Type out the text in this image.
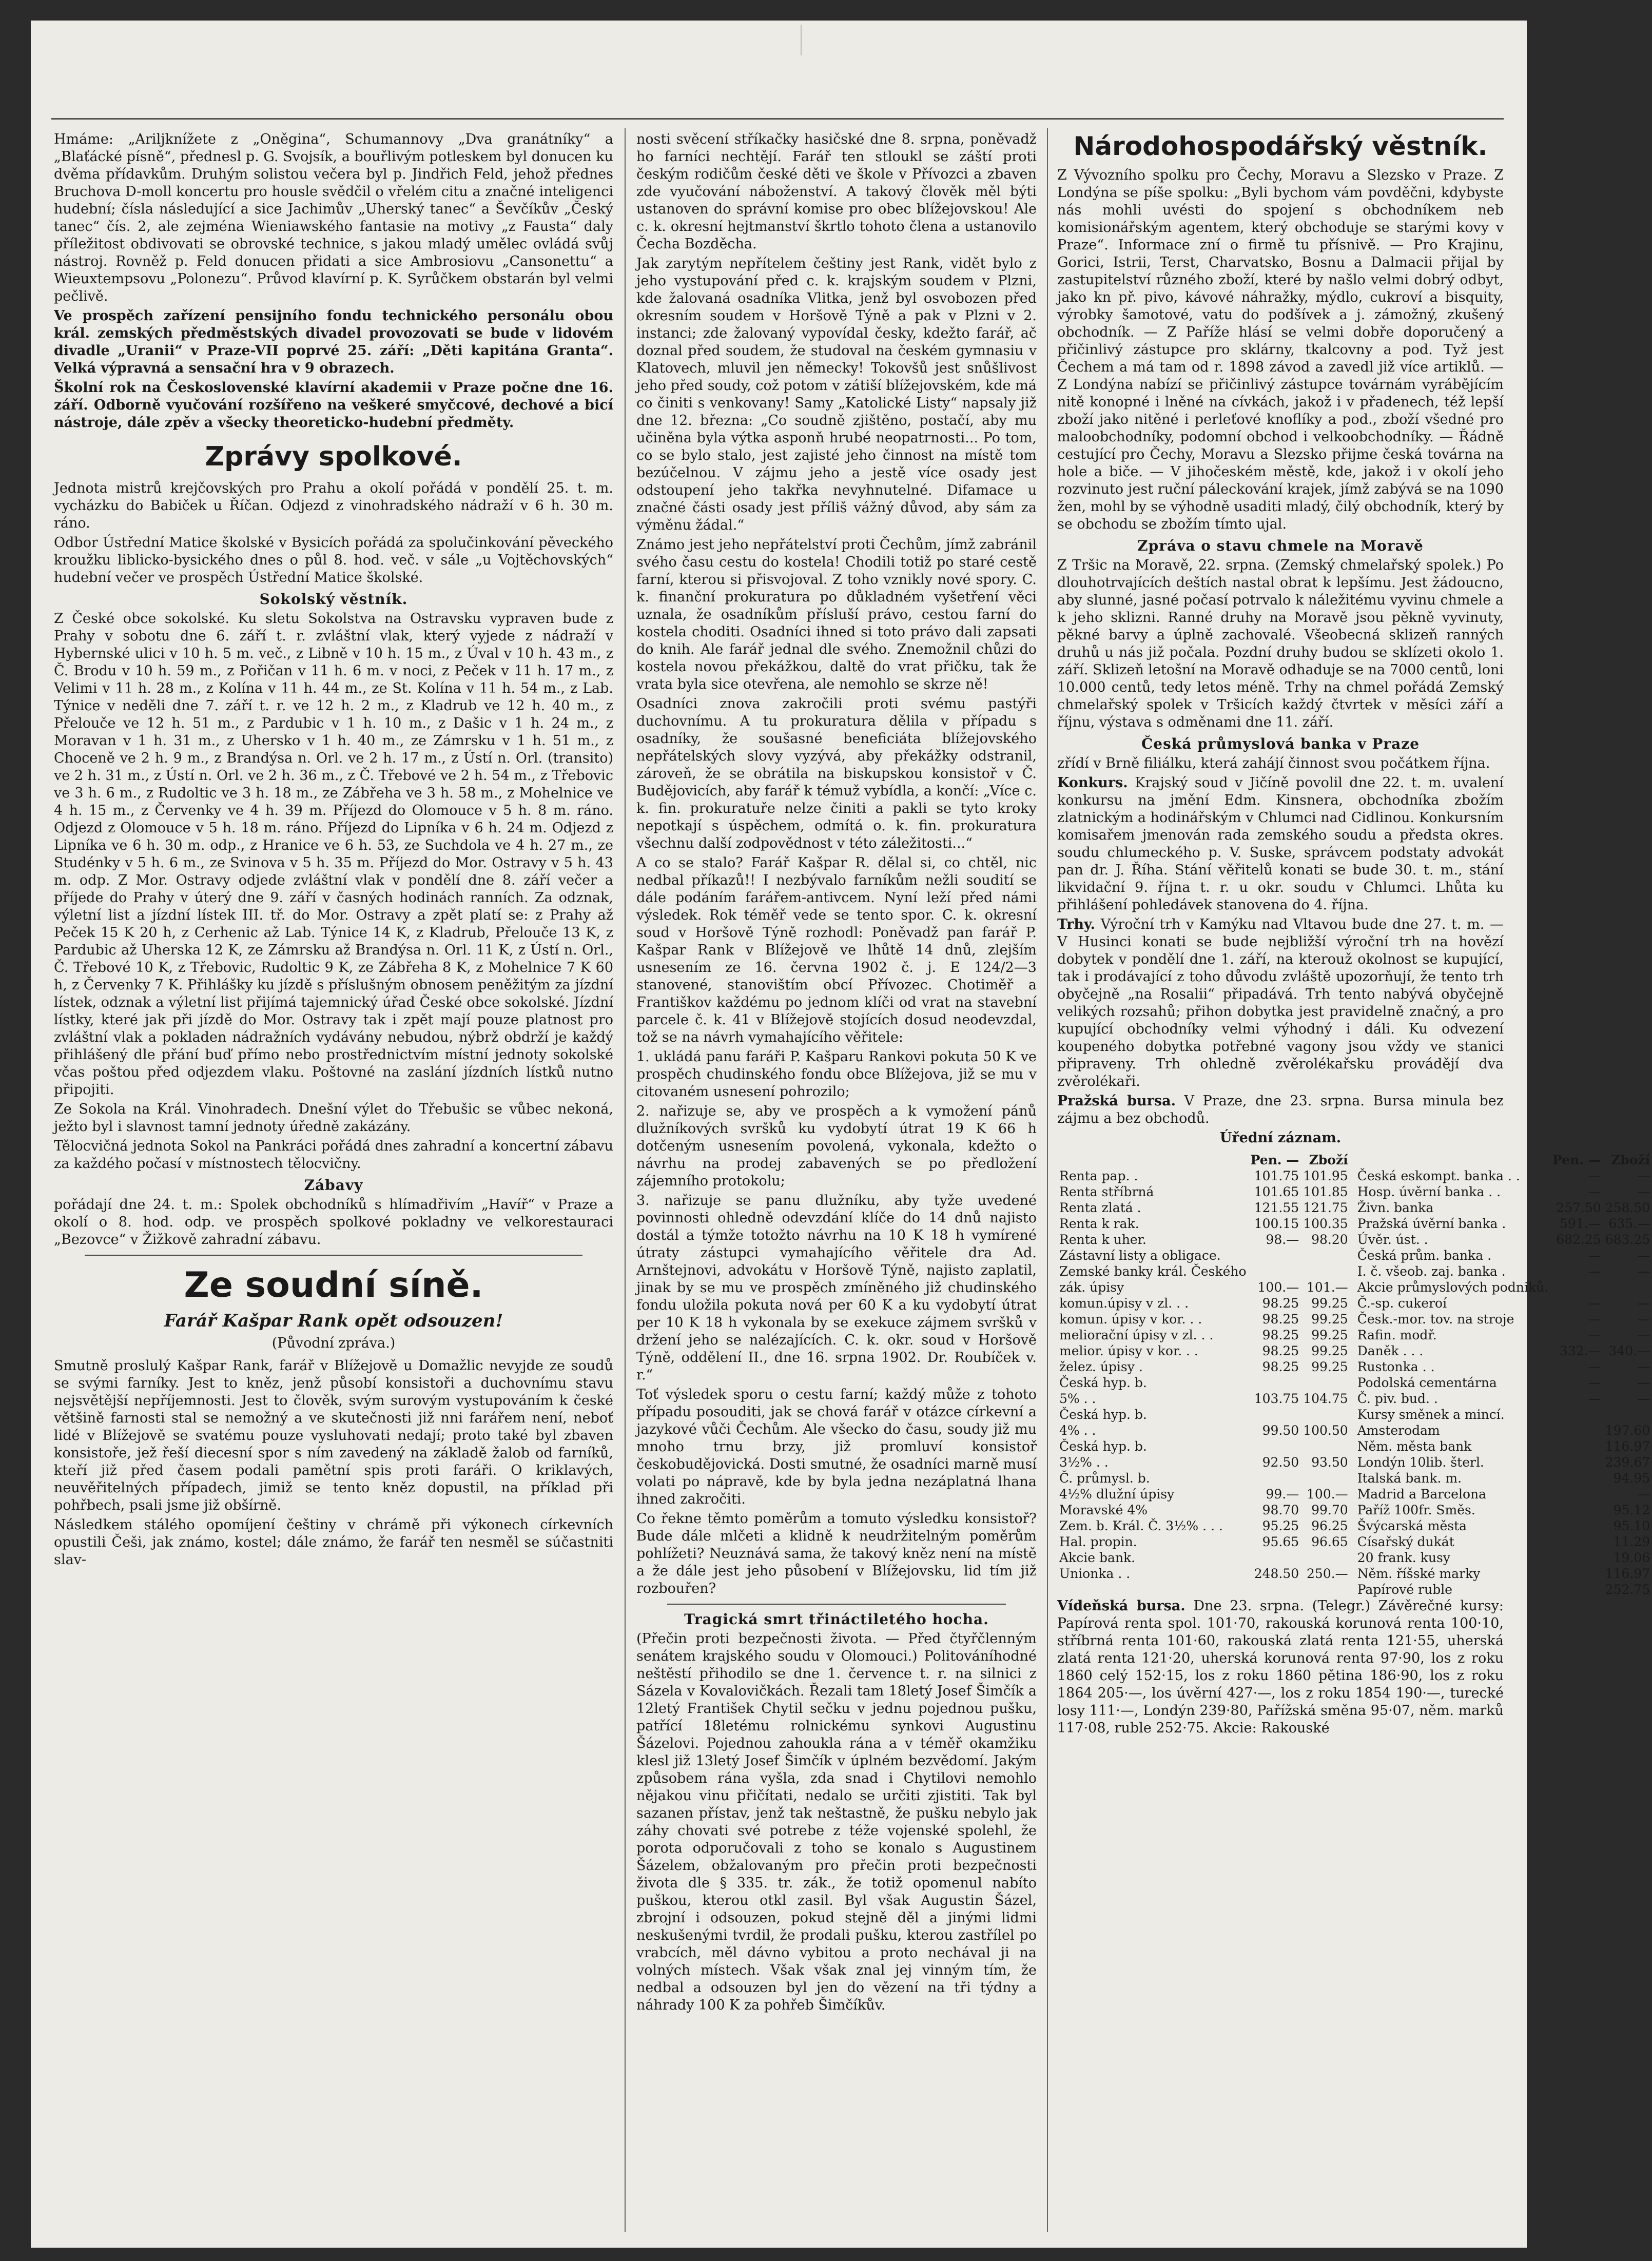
Hmáme: „Ariljknížete z „Oněgina“, Schumannovy „Dva granátníky“ a „Blaťácké písně“, přednesl p. G. Svojsík, a bouřlivým potleskem byl donucen ku dvěma přídavkům. Druhým solistou večera byl p. Jindřich Feld, jehož přednes Bruchova D-moll koncertu pro housle svědčil o vřelém citu a značné inteligenci hudební; čísla následující a sice Jachimův „Uherský tanec“ a Ševčíkův „Český tanec“ čís. 2, ale zejména Wieniawského fantasie na motivy „z Fausta“ daly příležitost obdivovati se obrovské technice, s jakou mladý umělec ovládá svůj nástroj. Rovněž p. Feld donucen přidati a sice Ambrosiovu „Cansonettu“ a Wieuxtempsovu „Polonezu“. Průvod klavírní p. K. Syrůčkem obstarán byl velmi pečlivě.

Ve prospěch zařízení pensijního fondu technického personálu obou král. zemských předměstských divadel provozovati se bude v lidovém divadle „Uranii“ v Praze-VII poprvé 25. září: „Děti kapitána Granta“. Velká výpravná a sensační hra v 9 obrazech.

Školní rok na Československé klavírní akademii v Praze počne dne 16. září. Odborně vyučování rozšířeno na veškeré smyčcové, dechové a bicí nástroje, dále zpěv a všecky theoreticko-hudební předměty.

Zprávy spolkové.

Jednota mistrů krejčovských pro Prahu a okolí pořádá v pondělí 25. t. m. vycházku do Babiček u Říčan. Odjezd z vinohradského nádraží v 6 h. 30 m. ráno.

Odbor Ústřední Matice školské v Bysicích pořádá za spolučinkování pěveckého kroužku liblicko-bysického dnes o půl 8. hod. več. v sále „u Vojtěchovských“ hudební večer ve prospěch Ústřední Matice školské.

Sokolský věstník.

Z České obce sokolské. Ku sletu Sokolstva na Ostravsku vypraven bude z Prahy v sobotu dne 6. září t. r. zvláštní vlak, který vyjede z nádraží v Hybernské ulici v 10 h. 5 m. več., z Libně v 10 h. 15 m., z Úval v 10 h. 43 m., z Č. Brodu v 10 h. 59 m., z Pořičan v 11 h. 6 m. v noci, z Peček v 11 h. 17 m., z Velimi v 11 h. 28 m., z Kolína v 11 h. 44 m., ze St. Kolína v 11 h. 54 m., z Lab. Týnice v neděli dne 7. září t. r. ve 12 h. 2 m., z Kladrub ve 12 h. 40 m., z Přelouče ve 12 h. 51 m., z Pardubic v 1 h. 10 m., z Dašic v 1 h. 24 m., z Moravan v 1 h. 31 m., z Uhersko v 1 h. 40 m., ze Zámrsku v 1 h. 51 m., z Choceně ve 2 h. 9 m., z Brandýsa n. Orl. ve 2 h. 17 m., z Ústí n. Orl. (transito) ve 2 h. 31 m., z Ústí n. Orl. ve 2 h. 36 m., z Č. Třebové ve 2 h. 54 m., z Třebovic ve 3 h. 6 m., z Rudoltic ve 3 h. 18 m., ze Zábřeha ve 3 h. 58 m., z Mohelnice ve 4 h. 15 m., z Červenky ve 4 h. 39 m. Příjezd do Olomouce v 5 h. 8 m. ráno. Odjezd z Olomouce v 5 h. 18 m. ráno. Příjezd do Lipníka v 6 h. 24 m. Odjezd z Lipníka ve 6 h. 30 m. odp., z Hranice ve 6 h. 53, ze Suchdola ve 4 h. 27 m., ze Studénky v 5 h. 6 m., ze Svinova v 5 h. 35 m. Příjezd do Mor. Ostravy v 5 h. 43 m. odp. Z Mor. Ostravy odjede zvláštní vlak v pondělí dne 8. září večer a příjede do Prahy v úterý dne 9. září v časných hodinách ranních. Za odznak, výletní list a jízdní lístek III. tř. do Mor. Ostravy a zpět platí se: z Prahy až Peček 15 K 20 h, z Cerhenic až Lab. Týnice 14 K, z Kladrub, Přelouče 13 K, z Pardubic až Uherska 12 K, ze Zámrsku až Brandýsa n. Orl. 11 K, z Ústí n. Orl., Č. Třebové 10 K, z Třebovic, Rudoltic 9 K, ze Zábřeha 8 K, z Mohelnice 7 K 60 h, z Červenky 7 K. Přihlášky ku jízdě s příslušným obnosem peněžitým za jízdní lístek, odznak a výletní list přijímá tajemnický úřad České obce sokolské. Jízdní lístky, které jak při jízdě do Mor. Ostravy tak i zpět mají pouze platnost pro zvláštní vlak a pokladen nádražních vydávány nebudou, nýbrž obdrží je každý přihlášený dle přání buď přímo nebo prostřednictvím místní jednoty sokolské včas poštou před odjezdem vlaku. Poštovné na zaslání jízdních lístků nutno připojiti.

Ze Sokola na Král. Vinohradech. Dnešní výlet do Třebušic se vůbec nekoná, ježto byl i slavnost tamní jednoty úředně zakázány.

Tělocvičná jednota Sokol na Pankráci pořádá dnes zahradní a koncertní zábavu za každého počasí v místnostech tělocvičny.

Zábavy

pořádají dne 24. t. m.: Spolek obchodníků s hlímadřivím „Havíř“ v Praze a okolí o 8. hod. odp. ve prospěch spolkové pokladny ve velkorestauraci „Bezovce“ v Žižkově zahradní zábavu.

Ze soudní síně.
Farář Kašpar Rank opět odsouzen!
(Původní zpráva.)

Smutně proslulý Kašpar Rank, farář v Blížejově u Domažlic nevyjde ze soudů se svými farníky. Jest to kněz, jenž působí konsistoři a duchovnímu stavu nejsvětější nepříjemnosti. Jest to člověk, svým surovým vystupováním k české většině farnosti stal se nemožný a ve skutečnosti již nni farářem není, neboť lidé v Blížejově se svatému pouze vysluhovati nedají; proto také byl zbaven konsistoře, jež řeší diecesní spor s ním zavedený na základě žalob od farníků, kteří již před časem podali pamětní spis proti faráři. O kriklavých, neuvěřitelných případech, jimiž se tento kněz dopustil, na příklad při pohřbech, psali jsme již obšírně.

Následkem stálého opomíjení češtiny v chrámě při výkonech církevních opustili Češi, jak známo, kostel; dále známo, že farář ten nesměl se súčastniti slav-

nosti svěcení stříkačky hasičské dne 8. srpna, poněvadž ho farníci nechtějí. Farář ten stloukl se záští proti českým rodičům české děti ve škole v Přívozci a zbaven zde vyučování náboženství. A takový člověk měl býti ustanoven do správní komise pro obec blížejovskou! Ale c. k. okresní hejtmanství škrtlo tohoto člena a ustanovilo Čecha Bozděcha.

Jak zarytým nepřítelem češtiny jest Rank, vidět bylo z jeho vystupování před c. k. krajským soudem v Plzni, kde žalovaná osadníka Vlitka, jenž byl osvobozen před okresním soudem v Horšově Týně a pak v Plzni v 2. instanci; zde žalovaný vypovídal česky, kdežto farář, ač doznal před soudem, že studoval na českém gymnasiu v Klatovech, mluvil jen německy! Tokovšů jest snůšlivost jeho před soudy, což potom v zátiší blížejovském, kde má co činiti s venkovany! Samy „Katolické Listy“ napsaly již dne 12. března: „Co soudně zjištěno, postačí, aby mu učiněna byla výtka asponň hrubé neopatrnosti... Po tom, co se bylo stalo, jest zajisté jeho činnost na místě tom bezúčelnou. V zájmu jeho a jestě více osady jest odstoupení jeho takřka nevyhnutelné. Difamace u značné části osady jest příliš vážný důvod, aby sám za výměnu žádal.“

Známo jest jeho nepřátelství proti Čechům, jímž zabránil svého času cestu do kostela! Chodili totiž po staré cestě farní, kterou si přisvojoval. Z toho vznikly nové spory. C. k. finanční prokuratura po důkladném vyšetření věci uznala, že osadníkům přísluší právo, cestou farní do kostela choditi. Osadníci ihned si toto právo dali zapsati do knih. Ale farář jednal dle svého. Znemožnil chůzi do kostela novou překážkou, daltě do vrat přičku, tak že vrata byla sice otevřena, ale nemohlo se skrze ně!

Osadníci znova zakročili proti svému pastýři duchovnímu. A tu prokuratura dělila v případu s osadníky, že soušasné beneficiáta blížejovského nepřátelských slovy vyzývá, aby překážky odstranil, zároveň, že se obrátila na biskupskou konsistoř v Č. Budějovicích, aby farář k témuž vybídla, a končí: „Více c. k. fin. prokuratuře nelze činiti a pakli se tyto kroky nepotkají s úspěchem, odmítá o. k. fin. prokuratura všechnu další zodpovědnost v této záležitosti...“

A co se stalo? Farář Kašpar R. dělal si, co chtěl, nic nedbal příkazů!! I nezbývalo farníkům nežli soudití se dále podáním farářem-antivcem. Nyní leží před námi výsledek. Rok téměř vede se tento spor. C. k. okresní soud v Horšově Týně rozhodl: Poněvadž pan farář P. Kašpar Rank v Blížejově ve lhůtě 14 dnů, zlejším usnesením ze 16. června 1902 č. j. E 124/2—3 stanovené, stanovištím obcí Přívozec. Chotiměř a Františkov každému po jednom klíči od vrat na stavební parcele č. k. 41 v Blížejově stojících dosud neodevzdal, tož se na návrh vymahajícího věřitele:

1. ukládá panu faráři P. Kašparu Rankovi pokuta 50 K ve prospěch chudinského fondu obce Blížejova, již se mu v citovaném usnesení pohrozilo;

2. nařizuje se, aby ve prospěch a k vymožení pánů dlužníkových svršků ku vydobytí útrat 19 K 66 h dotčeným usnesením povolená, vykonala, kdežto o návrhu na prodej zabavených se po předložení zájemního protokolu;

3. nařizuje se panu dlužníku, aby tyže uvedené povinnosti ohledně odevzdání klíče do 14 dnů najisto dostál a týmže totožto návrhu na 10 K 18 h vymírené útraty zástupci vymahajícího věřitele dra Ad. Arnštejnovi, advokátu v Horšově Týně, najisto zaplatil, jinak by se mu ve prospěch zmíněného již chudinského fondu uložila pokuta nová per 60 K a ku vydobytí útrat per 10 K 18 h vykonala by se exekuce zájmem svršků v držení jeho se nalézajících. C. k. okr. soud v Horšově Týně, oddělení II., dne 16. srpna 1902. Dr. Roubíček v. r.“

Toť výsledek sporu o cestu farní; každý může z tohoto případu posouditi, jak se chová farář v otázce církevní a jazykové vůči Čechům. Ale všecko do času, soudy již mu mnoho trnu brzy, již promluví konsistoř českobudějovická. Dosti smutné, že osadníci marně musí volati po nápravě, kde by byla jedna nezáplatná lhana ihned zakročiti.

Co řekne těmto poměrům a tomuto výsledku konsistoř? Bude dále mlčeti a klidně k neudržitelným poměrům pohlížeti? Neuznává sama, že takový kněz není na místě a že dále jest jeho působení v Blížejovsku, lid tím již rozbouřen?

Tragická smrt třináctiletého hocha.

(Přečin proti bezpečnosti života. — Před čtyřčlenným senátem krajského soudu v Olomouci.) Politováníhodné neštěstí přihodilo se dne 1. července t. r. na silnici z Sázela v Kovalovičkách. Řezali tam 18letý Josef Šimčík a 12letý František Chytil sečku v jednu pojednou pušku, patřící 18letému rolnickému synkovi Augustinu Šázelovi. Pojednou zahoukla rána a v téměř okamžiku klesl již 13letý Josef Šimčík v úplném bezvědomí. Jakým způsobem rána vyšla, zda snad i Chytilovi nemohlo nějakou vinu přičítati, nedalo se určiti zjistiti. Tak byl sazanen přístav, jenž tak neštastně, že pušku nebylo jak záhy chovati své potrebe z téže vojenské spolehl, že porota odporučovali z toho se konalo s Augustinem Šázelem, obžalovaným pro přečin proti bezpečnosti života dle § 335. tr. zák., že totiž opomenul nabíto puškou, kterou otkl zasil. Byl však Augustin Šázel, zbrojní i odsouzen, pokud stejně děl a jinými lidmi neskušenými tvrdil, že prodali pušku, kterou zastřílel po vrabcích, měl dávno vybitou a proto nechával ji na volných místech. Však však znal jej vinným tím, že nedbal a odsouzen byl jen do vězení na tři týdny a náhrady 100 K za pohřeb Šimčíkův.

Národohospodářský věstník.

Z Vývozního spolku pro Čechy, Moravu a Slezsko v Praze. Z Londýna se píše spolku: „Byli bychom vám povděčni, kdybyste nás mohli uvésti do spojení s obchodníkem neb komisionářským agentem, který obchoduje se starými kovy v Praze“. Informace zní o firmě tu přísnivě. — Pro Krajinu, Gorici, Istrii, Terst, Charvatsko, Bosnu a Dalmacii přijal by zastupitelství různého zboží, které by našlo velmi dobrý odbyt, jako kn př. pivo, kávové náhražky, mýdlo, cukroví a bisquity, výrobky šamotové, vatu do podšívek a j. zámožný, zkušený obchodník. — Z Paříže hlásí se velmi dobře doporučený a přičinlivý zástupce pro sklárny, tkalcovny a pod. Tyž jest Čechem a má tam od r. 1898 závod a zavedl již více artiklů. — Z Londýna nabízí se přičinlivý zástupce továrnám vyrábějícím nitě konopné i lněné na cívkách, jakož i v přadenech, též lepší zboží jako nitěné i perleťové knoflíky a pod., zboží všedné pro maloobchodníky, podomní obchod i velkoobchodníky. — Řádně cestující pro Čechy, Moravu a Slezsko přijme česká továrna na hole a biče. — V jihočeském městě, kde, jakož i v okolí jeho rozvinuto jest ruční páleckování krajek, jímž zabývá se na 1090 žen, mohl by se výhodně usaditi mladý, čilý obchodník, který by se obchodu se zbožím tímto ujal.

Zpráva o stavu chmele na Moravě

Z Tršic na Moravě, 22. srpna. (Zemský chmelařský spolek.) Po dlouhotrvajících deštích nastal obrat k lepšímu. Jest žádoucno, aby slunné, jasné počasí potrvalo k náležitému vyvinu chmele a k jeho sklizni. Ranné druhy na Moravě jsou pěkně vyvinuty, pěkné barvy a úplně zachovalé. Všeobecná sklizeň ranných druhů u nás již počala. Pozdní druhy budou se sklízeti okolo 1. září. Sklizeň letošní na Moravě odhaduje se na 7000 centů, loni 10.000 centů, tedy letos méně. Trhy na chmel pořádá Zemský chmelařský spolek v Tršicích každý čtvrtek v měsíci září a říjnu, výstava s odměnami dne 11. září.

Česká průmyslová banka v Praze

zřídí v Brně filiálku, která zahájí činnost svou počátkem října.

Konkurs. Krajský soud v Jičíně povolil dne 22. t. m. uvalení konkursu na jmění Edm. Kinsnera, obchodníka zbožím zlatnickým a hodinářským v Chlumci nad Cidlinou. Konkursním komisařem jmenován rada zemského soudu a předsta okres. soudu chlumeckého p. V. Suske, správcem podstaty advokát pan dr. J. Říha. Stání věřitelů konati se bude 30. t. m., stání likvidační 9. října t. r. u okr. soudu v Chlumci. Lhůta ku přihlášení pohledávek stanovena do 4. října.

Trhy. Výroční trh v Kamýku nad Vltavou bude dne 27. t. m. — V Husinci konati se bude nejbližší výroční trh na hovězí dobytek v pondělí dne 1. září, na kterouž okolnost se kupující, tak i prodávající z toho důvodu zvláště upozorňují, že tento trh obyčejně „na Rosalii“ připadává. Trh tento nabývá obyčejně velikých rozsahů; přihon dobytka jest pravidelně značný, a pro kupující obchodníky velmi výhodný i dáli. Ku odvezení koupeného dobytka potřebné vagony jsou vždy ve stanici připraveny. Trh ohledně zvěrolékařsku provádějí dva zvěrolékaři.

Pražská bursa. V Praze, dne 23. srpna. Bursa minula bez zájmu a bez obchodů.

Úřední záznam.
	Pen. —	Zboží
Renta pap. .	101.75	101.95
Renta stříbrná	101.65	101.85
Renta zlatá .	121.55	121.75
Renta k rak.	100.15	100.35
Renta k uher.	98.—	98.20
Zástavní listy a obligace.		
Zemské banky král. Českého		
zák. úpisy	100.—	101.—
komun.úpisy v zl. . .	98.25	99.25
komun. úpisy v kor. . .	98.25	99.25
meliorační úpisy v zl. . .	98.25	99.25
melior. úpisy v kor. . .	98.25	99.25
želez. úpisy .	98.25	99.25
Česká hyp. b.		
5% . .	103.75	104.75
Česká hyp. b.		
4% . .	99.50	100.50
Česká hyp. b.		
3½% . .	92.50	93.50
Č. průmysl. b.		
4½% dlužní úpisy	99.—	100.—
Moravské 4%	98.70	99.70
Zem. b. Král. Č. 3½% . . .	95.25	96.25
Hal. propin.	95.65	96.65
Akcie bank.		
Unionka . .	248.50	250.—
	Pen. —	Zboží
Česká eskompt. banka . .	—	—
Hosp. úvěrní banka . .	—	—
Živn. banka	257.50	258.50
Pražská úvěrní banka .	591.—	635.—
Úvěr. úst. .	682.25	683.25
Česká prům. banka .	—	—
I. č. všeob. zaj. banka .	—	—
Akcie průmyslových podniků.		
Č.-sp. cukeroí	—	—
Česk.-mor. tov. na stroje	—	—
Rafin. modř.	—	—
Daněk . . .	332.—	340.—
Rustonka . .	—	—
Podolská cementárna	—	—
Č. piv. bud. .	—	—
Kursy směnek a mincí.		
Amsterodam		197.60
Něm. města bank		116.97
Londýn 10lib. šterl.		239.67
Italská bank. m.		94.95
Madrid a Barcelona		—
Paříž 100fr. Směs.		95.12
Švýcarská města		95.10
Císařský dukát		11.29
20 frank. kusy		19.06
Něm. říšské marky		116.97
Papírové ruble		252.75

Vídeňská bursa. Dne 23. srpna. (Telegr.) Závěrečné kursy: Papírová renta spol. 101·70, rakouská korunová renta 100·10, stříbrná renta 101·60, rakouská zlatá renta 121·55, uherská zlatá renta 121·20, uherská korunová renta 97·90, los z roku 1860 celý 152·15, los z roku 1860 pětina 186·90, los z roku 1864 205·—, los úvěrní 427·—, los z roku 1854 190·—, turecké losy 111·—, Londýn 239·80, Pařížská směna 95·07, něm. marků 117·08, ruble 252·75. Akcie: Rakouské
